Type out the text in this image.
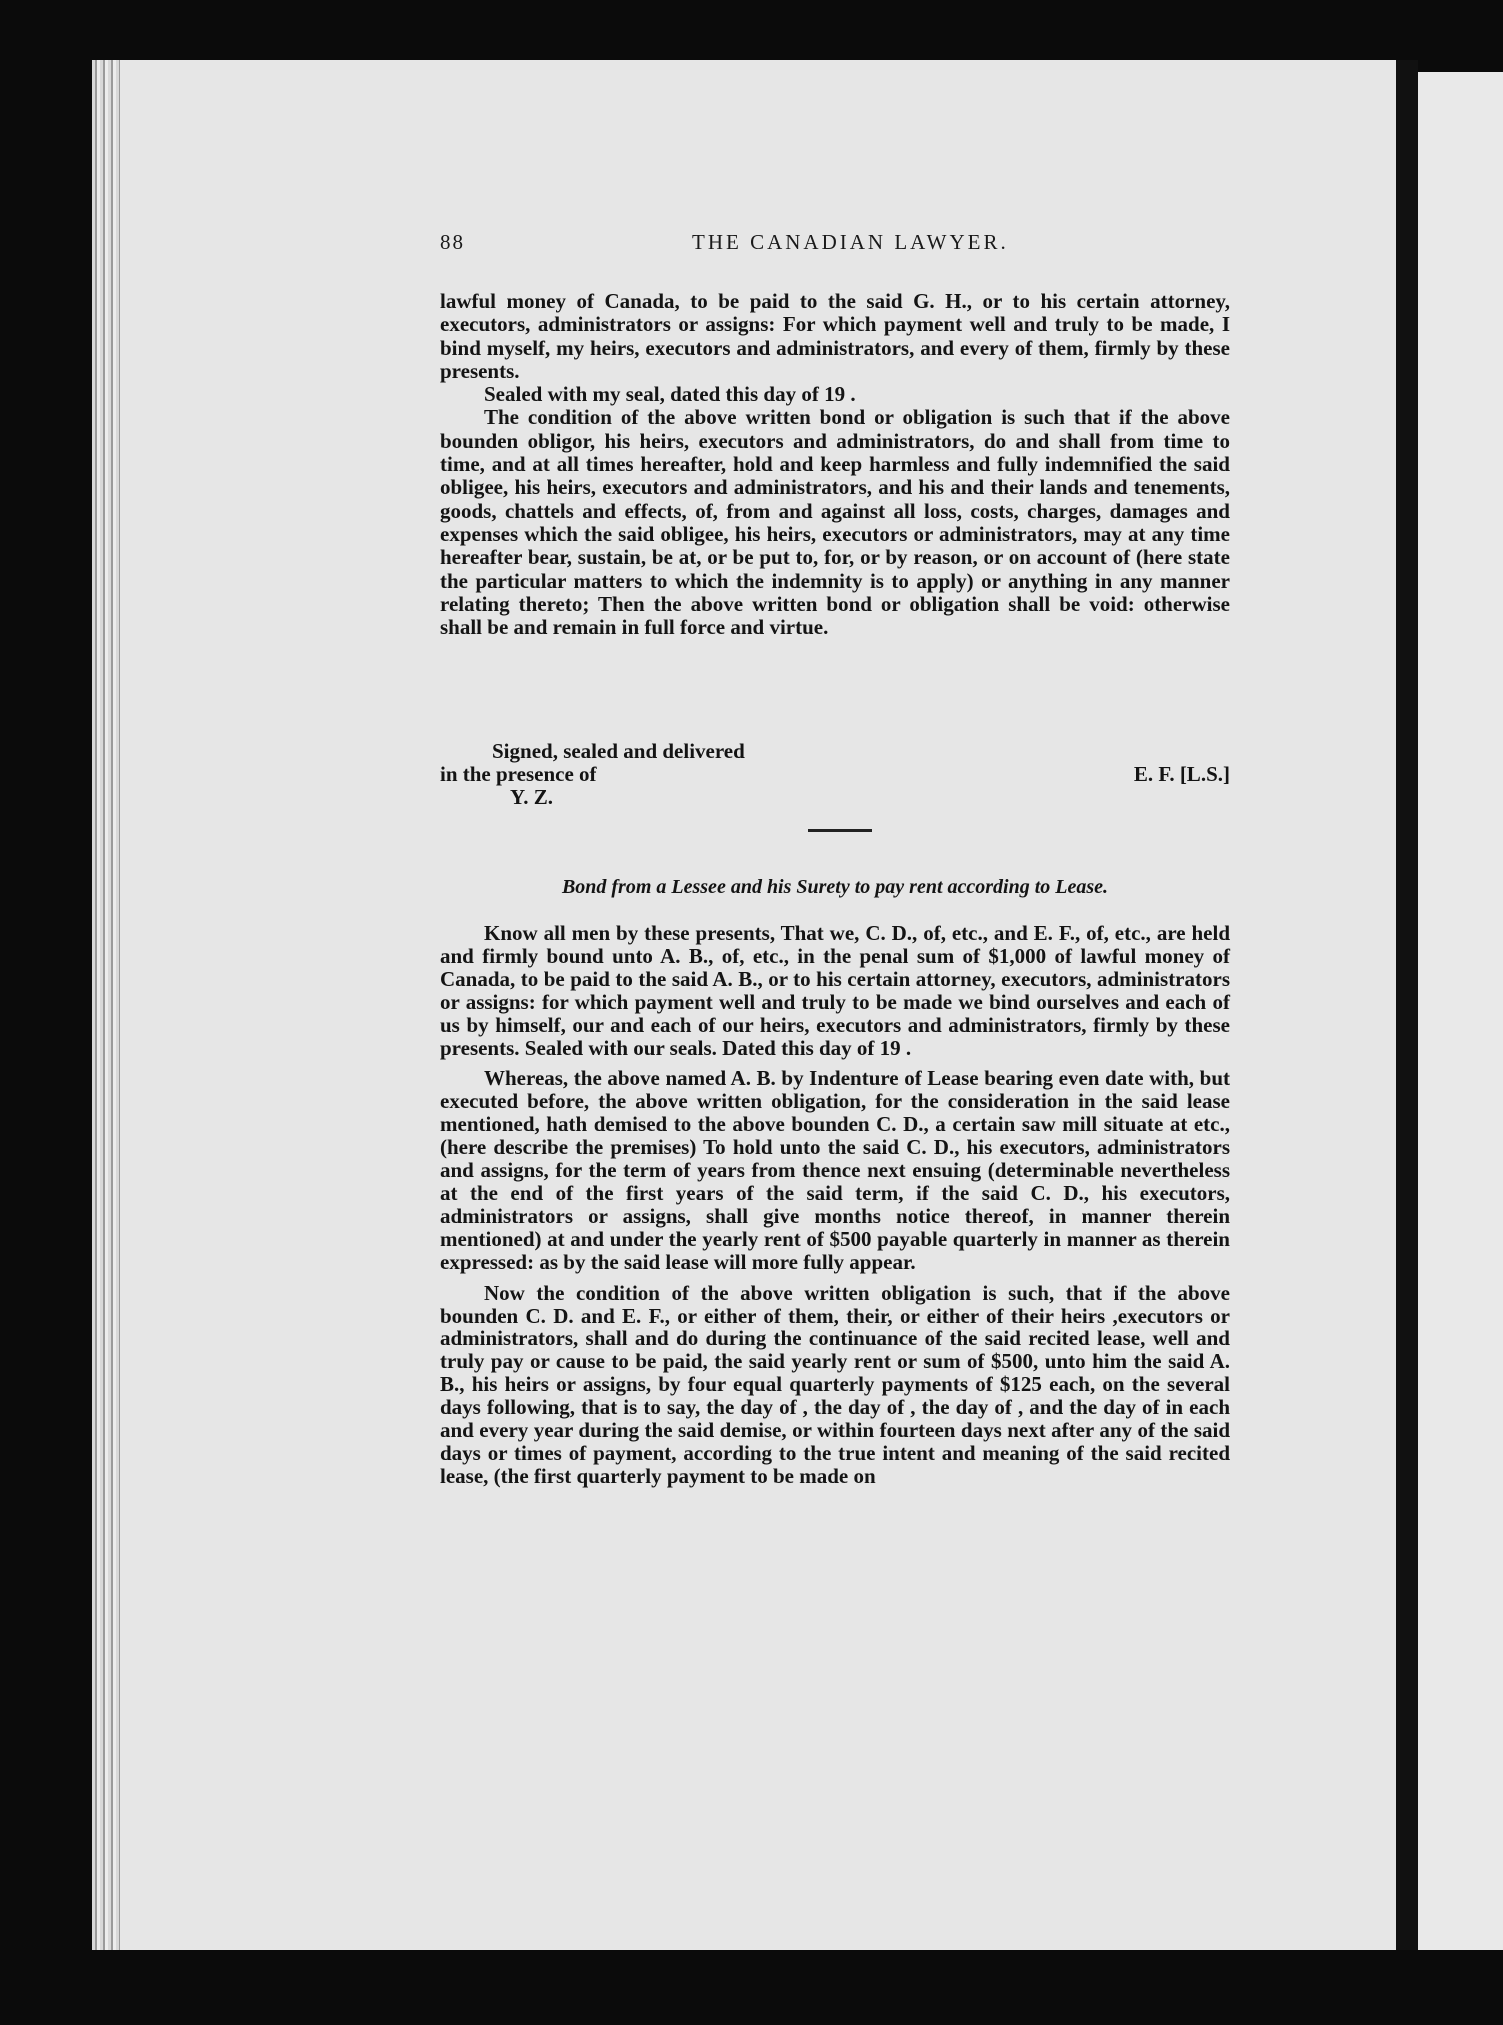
88	THE CANADIAN LAWYER.

lawful money of Canada, to be paid to the said G. H., or to his certain attorney, executors, administrators or assigns: For which payment well and truly to be made, I bind myself, my heirs, executors and administrators, and every of them, firmly by these presents.

Sealed with my seal, dated this day of 19 .

The condition of the above written bond or obligation is such that if the above bounden obligor, his heirs, executors and administrators, do and shall from time to time, and at all times hereafter, hold and keep harmless and fully indemnified the said obligee, his heirs, executors and administrators, and his and their lands and tenements, goods, chattels and effects, of, from and against all loss, costs, charges, damages and expenses which the said obligee, his heirs, executors or administrators, may at any time hereafter bear, sustain, be at, or be put to, for, or by reason, or on account of (here state the particular matters to which the indemnity is to apply) or anything in any manner relating thereto; Then the above written bond or obligation shall be void: otherwise shall be and remain in full force and virtue.

Signed, sealed and delivered
in the presence of	E. F. [L.S.]
Y. Z.
Bond from a Lessee and his Surety to pay rent according to Lease.

Know all men by these presents, That we, C. D., of, etc., and E. F., of, etc., are held and firmly bound unto A. B., of, etc., in the penal sum of $1,000 of lawful money of Canada, to be paid to the said A. B., or to his certain attorney, executors, administrators or assigns: for which payment well and truly to be made we bind ourselves and each of us by himself, our and each of our heirs, executors and administrators, firmly by these presents. Sealed with our seals. Dated this day of 19 .

Whereas, the above named A. B. by Indenture of Lease bearing even date with, but executed before, the above written obligation, for the consideration in the said lease mentioned, hath demised to the above bounden C. D., a certain saw mill situate at etc., (here describe the premises) To hold unto the said C. D., his executors, administrators and assigns, for the term of years from thence next ensuing (determinable nevertheless at the end of the first years of the said term, if the said C. D., his executors, administrators or assigns, shall give months notice thereof, in manner therein mentioned) at and under the yearly rent of $500 payable quarterly in manner as therein expressed: as by the said lease will more fully appear.

Now the condition of the above written obligation is such, that if the above bounden C. D. and E. F., or either of them, their, or either of their heirs ,executors or administrators, shall and do during the continuance of the said recited lease, well and truly pay or cause to be paid, the said yearly rent or sum of $500, unto him the said A. B., his heirs or assigns, by four equal quarterly payments of $125 each, on the several days following, that is to say, the day of , the day of , the day of , and the day of in each and every year during the said demise, or within fourteen days next after any of the said days or times of payment, according to the true intent and meaning of the said recited lease, (the first quarterly payment to be made on
